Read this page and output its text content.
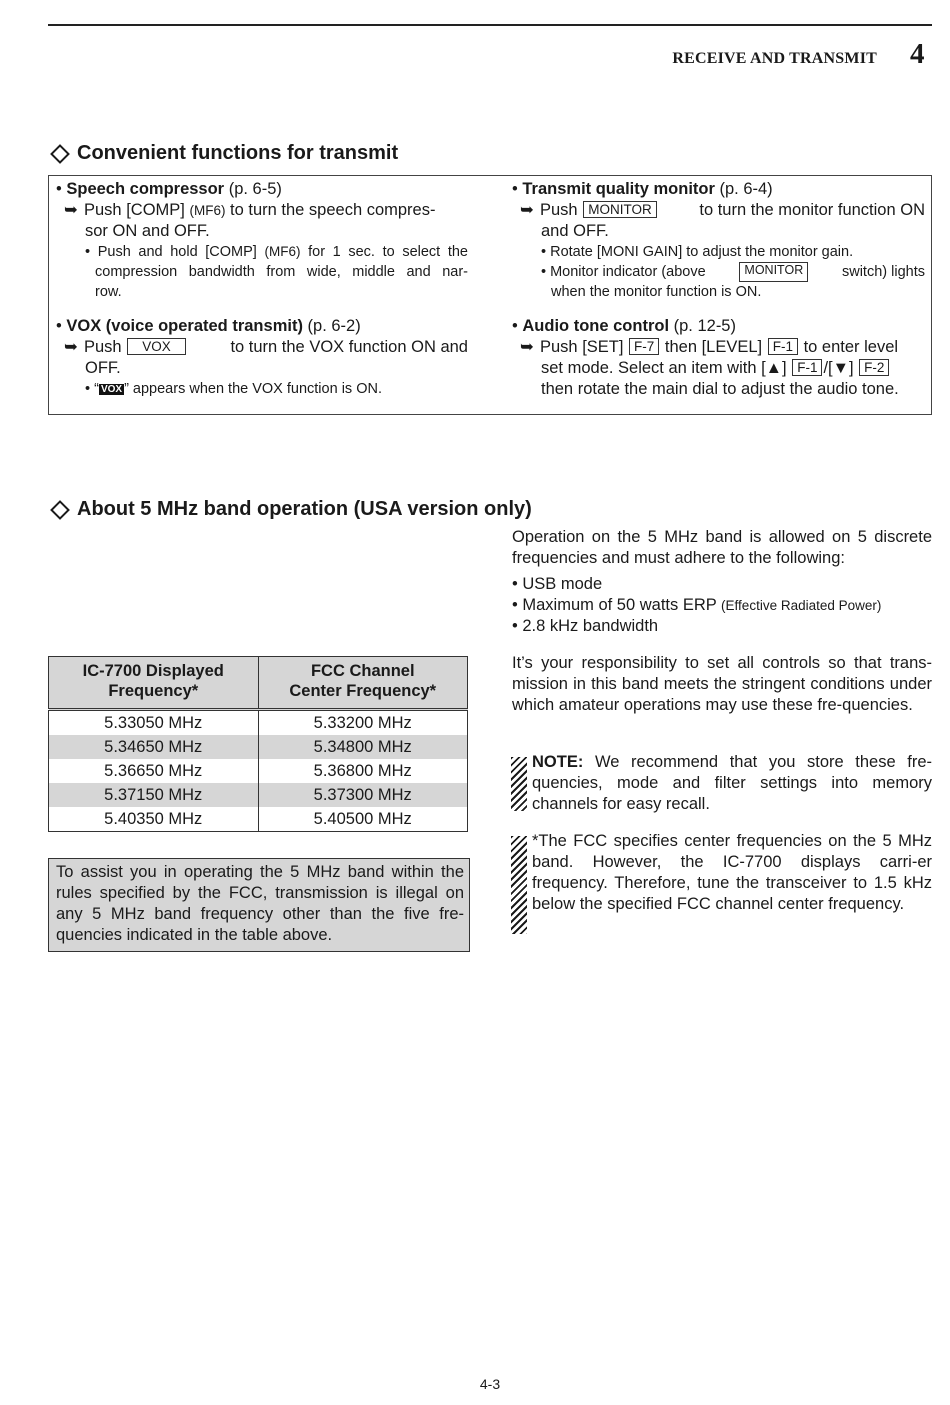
RECEIVE AND TRANSMIT 4
Convenient functions for transmit

• Speech compressor (p. 6-5)

➥ Push [COMP] (MF6) to turn the speech compres-

sor ON and OFF.

• Push and hold [COMP] (MF6) for 1 sec. to select the

compression bandwidth from wide, middle and nar-

row.

• VOX (voice operated transmit) (p. 6-2)

➥ Push VOX	to turn the VOX function ON and

OFF.

• “ VOX ” appears when the VOX function is ON.

• Transmit quality monitor (p. 6-4)

➥ Push MONITOR	to turn the monitor function ON

and OFF.

• Rotate [MONI GAIN] to adjust the monitor gain.

• Monitor indicator (above	MONITOR	switch) lights

when the monitor function is ON.

• Audio tone control (p. 12-5)

➥ Push [SET] F-7 then [LEVEL] F-1 to enter level

set mode. Select an item with [▲] F-1 /[▼] F-2

then rotate the main dial to adjust the audio tone.

About 5 MHz band operation (USA version only)
IC-7700 Displayed
Frequency*	FCC Channel
Center Frequency*
5.33050 MHz	5.33200 MHz
5.34650 MHz	5.34800 MHz
5.36650 MHz	5.36800 MHz
5.37150 MHz	5.37300 MHz
5.40350 MHz	5.40500 MHz
To assist you in operating the 5 MHz band within the rules specified by the FCC, transmission is illegal on any 5 MHz band frequency other than the five fre-quencies indicated in the table above.
Operation on the 5 MHz band is allowed on 5 discrete frequencies and must adhere to the following:

• USB mode

• Maximum of 50 watts ERP (Effective Radiated Power)

• 2.8 kHz bandwidth

It’s your responsibility to set all controls so that trans-mission in this band meets the stringent conditions under which amateur operations may use these fre-quencies.
NOTE: We recommend that you store these fre-quencies, mode and filter settings into memory channels for easy recall.
*The FCC specifies center frequencies on the 5 MHz band. However, the IC-7700 displays carri-er frequency. Therefore, tune the transceiver to 1.5 kHz below the specified FCC channel center frequency.
4-3
